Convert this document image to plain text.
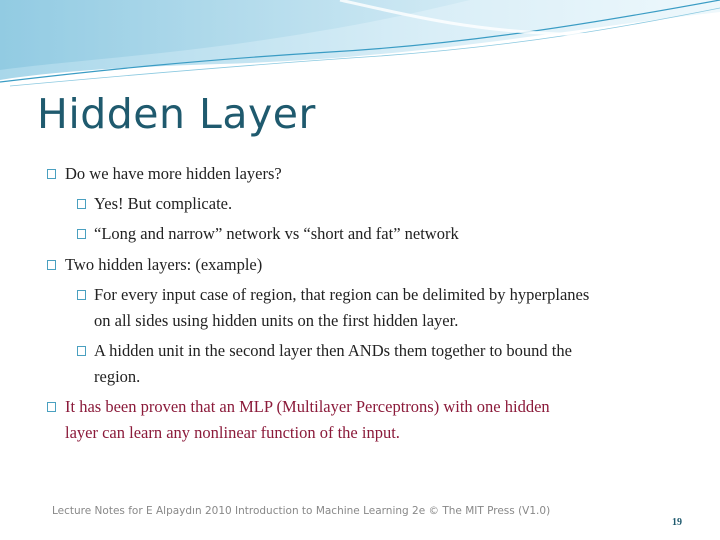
Hidden Layer
Do we have more hidden layers?
Yes! But complicate.
“Long and narrow” network vs “short and fat” network
Two hidden layers: (example)
For every input case of region, that region can be delimited by hyperplanes
on all sides using hidden units on the first hidden layer.
A hidden unit in the second layer then ANDs them together to bound the
region.
It has been proven that an MLP (Multilayer Perceptrons) with one hidden
layer can learn any nonlinear function of the input.
Lecture Notes for E Alpaydın 2010 Introduction to Machine Learning 2e © The MIT Press (V1.0)
19
